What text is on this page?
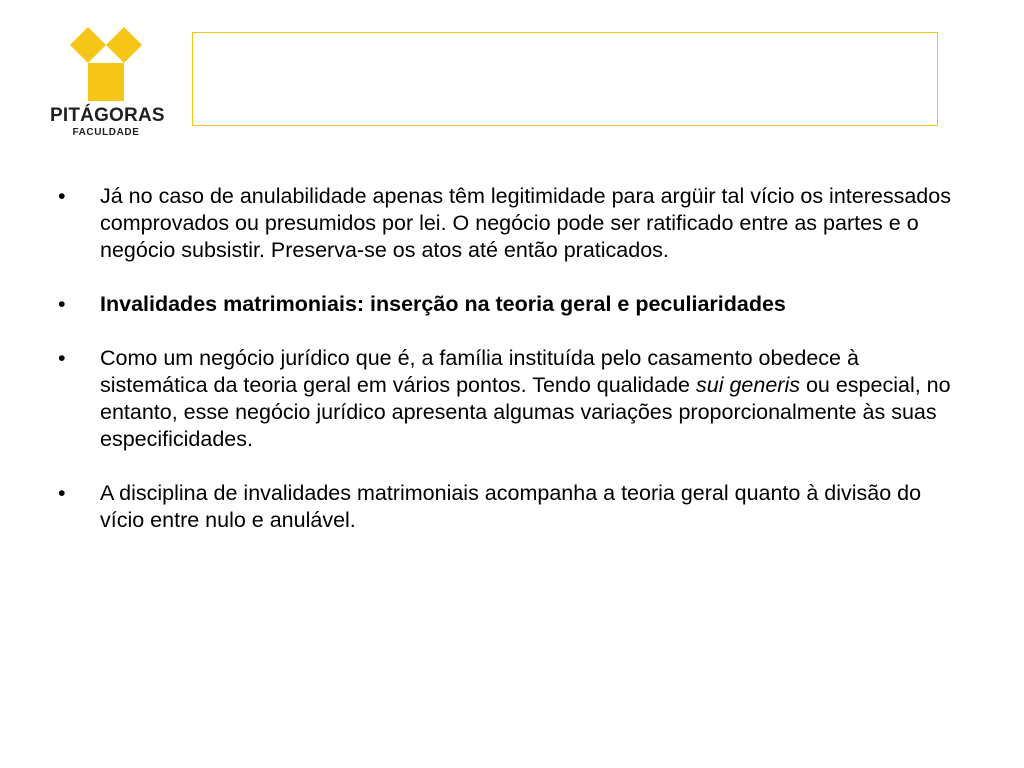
PITÁGORAS
FACULDADE
•	Já no caso de anulabilidade apenas têm legitimidade para argüir tal vício os interessados comprovados ou presumidos por lei. O negócio pode ser ratificado entre as partes e o negócio subsistir. Preserva-se os atos até então praticados.
•	Invalidades matrimoniais: inserção na teoria geral e peculiaridades
•	Como um negócio jurídico que é, a família instituída pelo casamento obedece à sistemática da teoria geral em vários pontos. Tendo qualidade sui generis ou especial, no entanto, esse negócio jurídico apresenta algumas variações proporcionalmente às suas especificidades.
•	A disciplina de invalidades matrimoniais acompanha a teoria geral quanto à divisão do vício entre nulo e anulável.
